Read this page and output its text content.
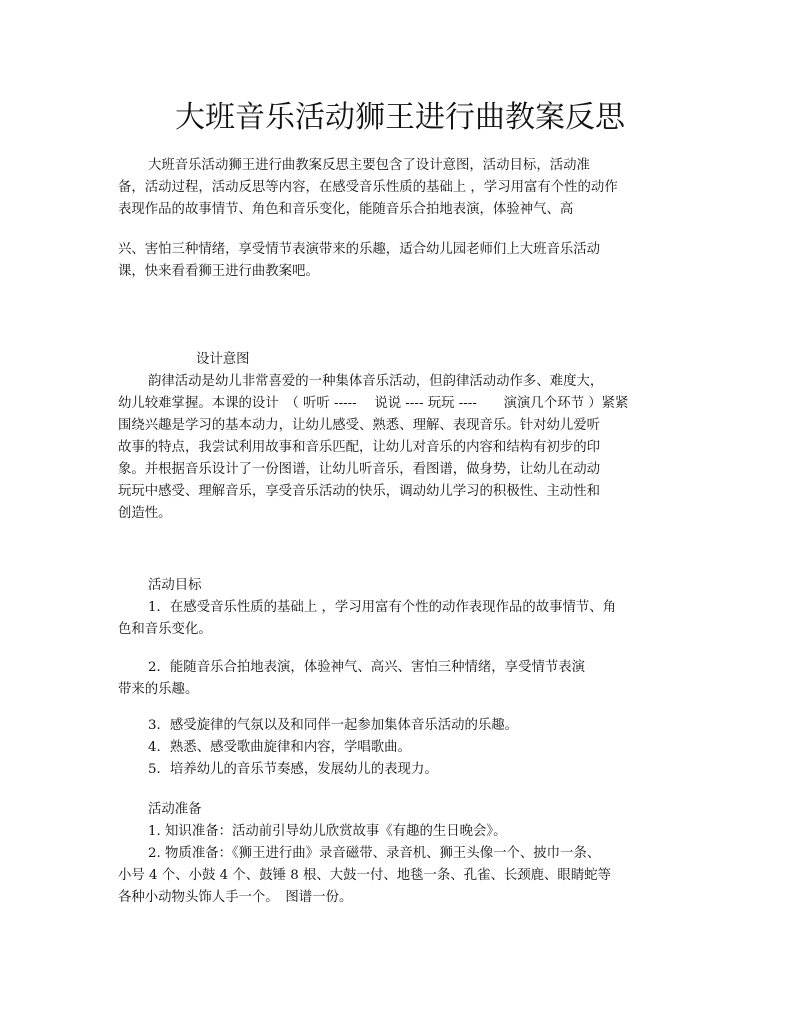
大班音乐活动狮王进行曲教案反思

大班音乐活动狮王进行曲教案反思主要包含了设计意图，活动目标，活动准

备，活动过程，活动反思等内容，在感受音乐性质的基础上 ，学习用富有个性的动作

表现作品的故事情节、角色和音乐变化，能随音乐合拍地表演，体验神气、高

兴、害怕三种情绪，享受情节表演带来的乐趣，适合幼儿园老师们上大班音乐活动

课，快来看看狮王进行曲教案吧。

设计意图

韵律活动是幼儿非常喜爱的一种集体音乐活动，但韵律活动动作多、难度大，

幼儿较难掌握。本课的设计　（ 听听 -----　 说说 ---- 玩玩 ----　　演演几个环节 ）紧紧

围绕兴趣是学习的基本动力，让幼儿感受、熟悉、理解、表现音乐。针对幼儿爱听

故事的特点，我尝试利用故事和音乐匹配，让幼儿对音乐的内容和结构有初步的印

象。并根据音乐设计了一份图谱，让幼儿听音乐，看图谱，做身势，让幼儿在动动

玩玩中感受、理解音乐，享受音乐活动的快乐，调动幼儿学习的积极性、主动性和

创造性。

活动目标

1．在感受音乐性质的基础上 ，学习用富有个性的动作表现作品的故事情节、角

色和音乐变化。

2．能随音乐合拍地表演，体验神气、高兴、害怕三种情绪，享受情节表演

带来的乐趣。

3．感受旋律的气氛以及和同伴一起参加集体音乐活动的乐趣。

4．熟悉、感受歌曲旋律和内容，学唱歌曲。

5．培养幼儿的音乐节奏感，发展幼儿的表现力。

活动准备

1. 知识准备：活动前引导幼儿欣赏故事《有趣的生日晚会》。

2. 物质准备：《狮王进行曲》录音磁带、录音机、狮王头像一个、披巾一条、

小号 4 个、小鼓 4 个、鼓锤 8 根、大鼓一付、地毯一条、孔雀、长颈鹿、眼睛蛇等

各种小动物头饰人手一个。　图谱一份。
